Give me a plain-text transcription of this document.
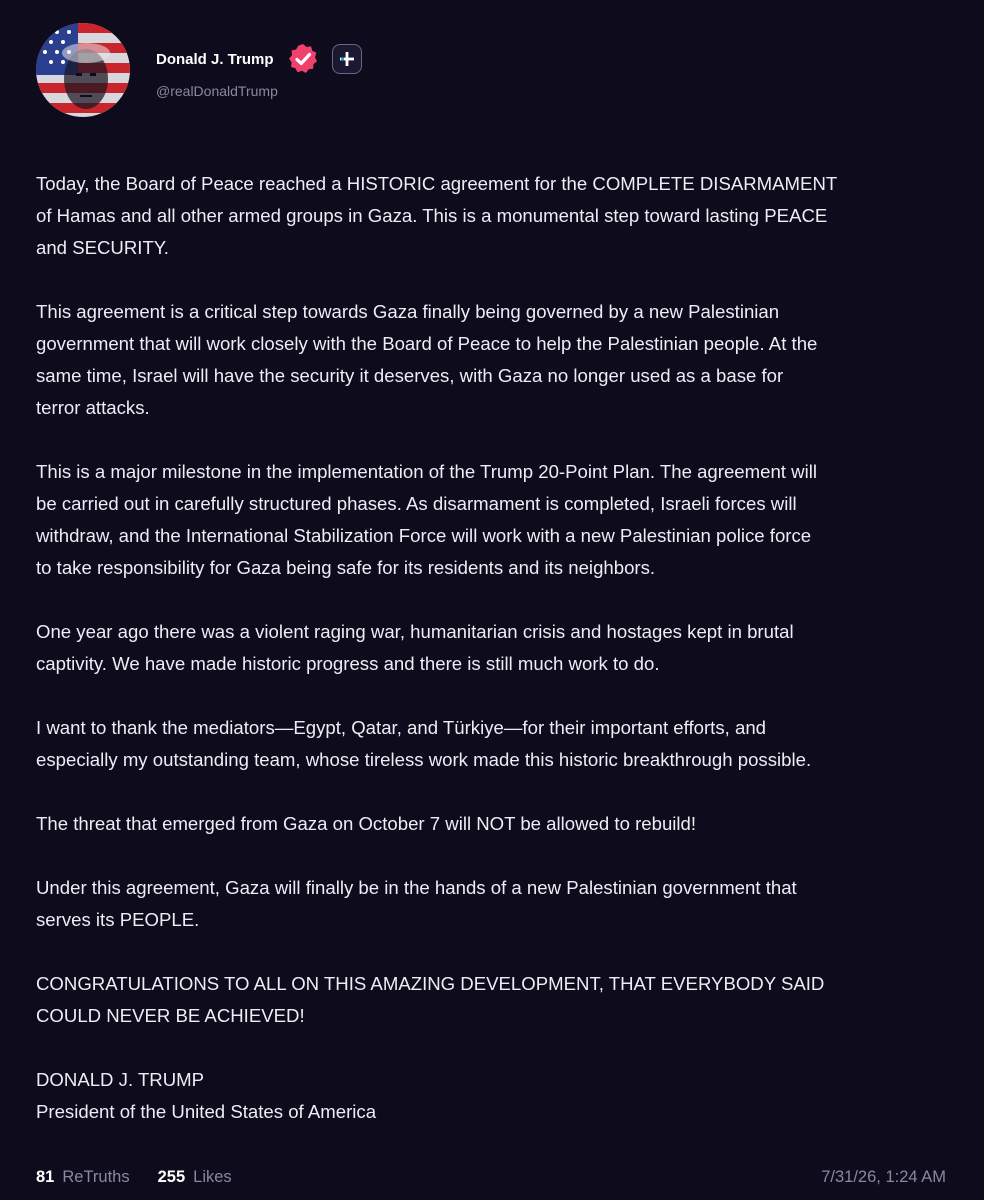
Donald J. Trump
@realDonaldTrump

Today, the Board of Peace reached a HISTORIC agreement for the COMPLETE DISARMAMENT
of Hamas and all other armed groups in Gaza. This is a monumental step toward lasting PEACE
and SECURITY.

This agreement is a critical step towards Gaza finally being governed by a new Palestinian
government that will work closely with the Board of Peace to help the Palestinian people. At the
same time, Israel will have the security it deserves, with Gaza no longer used as a base for
terror attacks.

This is a major milestone in the implementation of the Trump 20-Point Plan. The agreement will
be carried out in carefully structured phases. As disarmament is completed, Israeli forces will
withdraw, and the International Stabilization Force will work with a new Palestinian police force
to take responsibility for Gaza being safe for its residents and its neighbors.

One year ago there was a violent raging war, humanitarian crisis and hostages kept in brutal
captivity. We have made historic progress and there is still much work to do.

I want to thank the mediators—Egypt, Qatar, and Türkiye—for their important efforts, and
especially my outstanding team, whose tireless work made this historic breakthrough possible.

The threat that emerged from Gaza on October 7 will NOT be allowed to rebuild!

Under this agreement, Gaza will finally be in the hands of a new Palestinian government that
serves its PEOPLE.

CONGRATULATIONS TO ALL ON THIS AMAZING DEVELOPMENT, THAT EVERYBODY SAID
COULD NEVER BE ACHIEVED!

DONALD J. TRUMP

President of the United States of America

81 ReTruths 255 Likes	7/31/26, 1:24 AM
